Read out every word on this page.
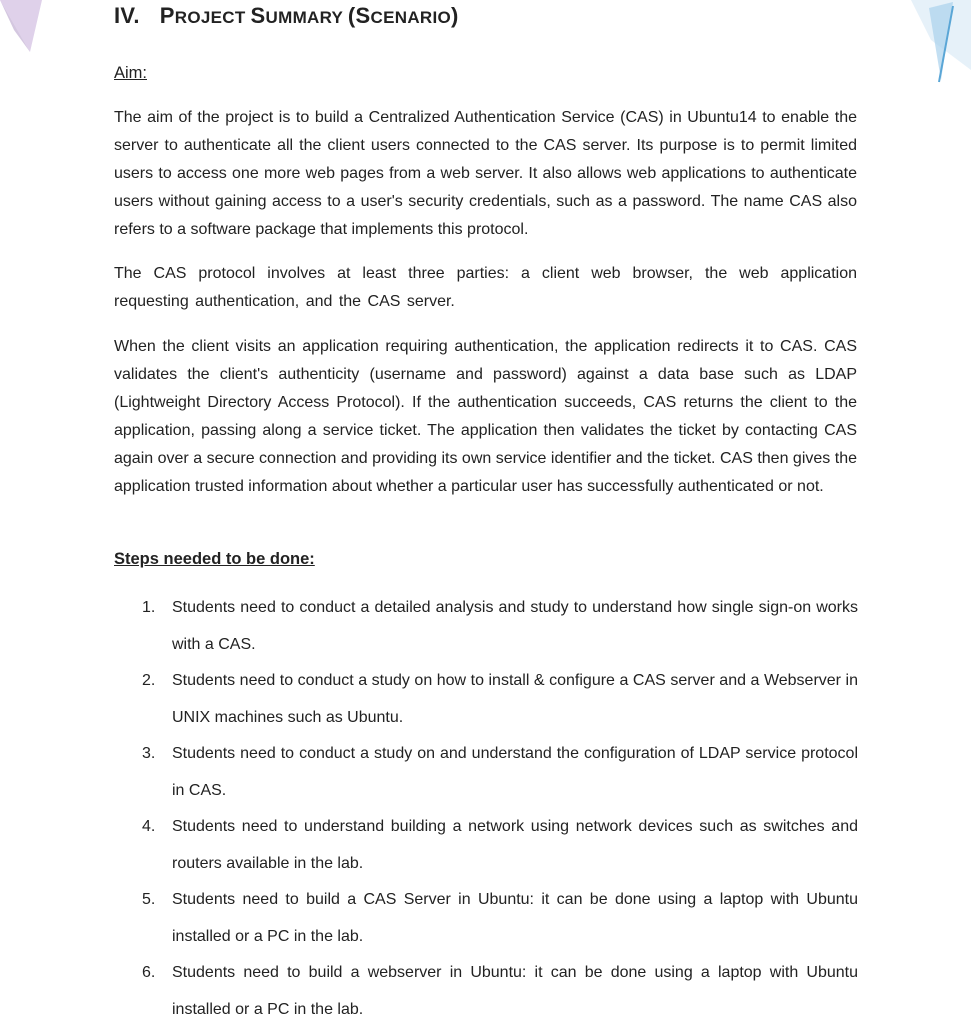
IV. PROJECT SUMMARY (SCENARIO)
Aim:

The aim of the project is to build a Centralized Authentication Service (CAS) in Ubuntu14 to enable the server to authenticate all the client users connected to the CAS server. Its purpose is to permit limited users to access one more web pages from a web server. It also allows web applications to authenticate users without gaining access to a user's security credentials, such as a password. The name CAS also refers to a software package that implements this protocol.

The CAS protocol involves at least three parties: a client web browser, the web application requesting authentication, and the CAS server.

When the client visits an application requiring authentication, the application redirects it to CAS. CAS validates the client's authenticity (username and password) against a data base such as LDAP (Lightweight Directory Access Protocol). If the authentication succeeds, CAS returns the client to the application, passing along a service ticket. The application then validates the ticket by contacting CAS again over a secure connection and providing its own service identifier and the ticket. CAS then gives the application trusted information about whether a particular user has successfully authenticated or not.

Steps needed to be done:
1. Students need to conduct a detailed analysis and study to understand how single sign-on works with a CAS.
2. Students need to conduct a study on how to install & configure a CAS server and a Webserver in UNIX machines such as Ubuntu.
3. Students need to conduct a study on and understand the configuration of LDAP service protocol in CAS.
4. Students need to understand building a network using network devices such as switches and routers available in the lab.
5. Students need to build a CAS Server in Ubuntu: it can be done using a laptop with Ubuntu installed or a PC in the lab.
6. Students need to build a webserver in Ubuntu: it can be done using a laptop with Ubuntu installed or a PC in the lab.
